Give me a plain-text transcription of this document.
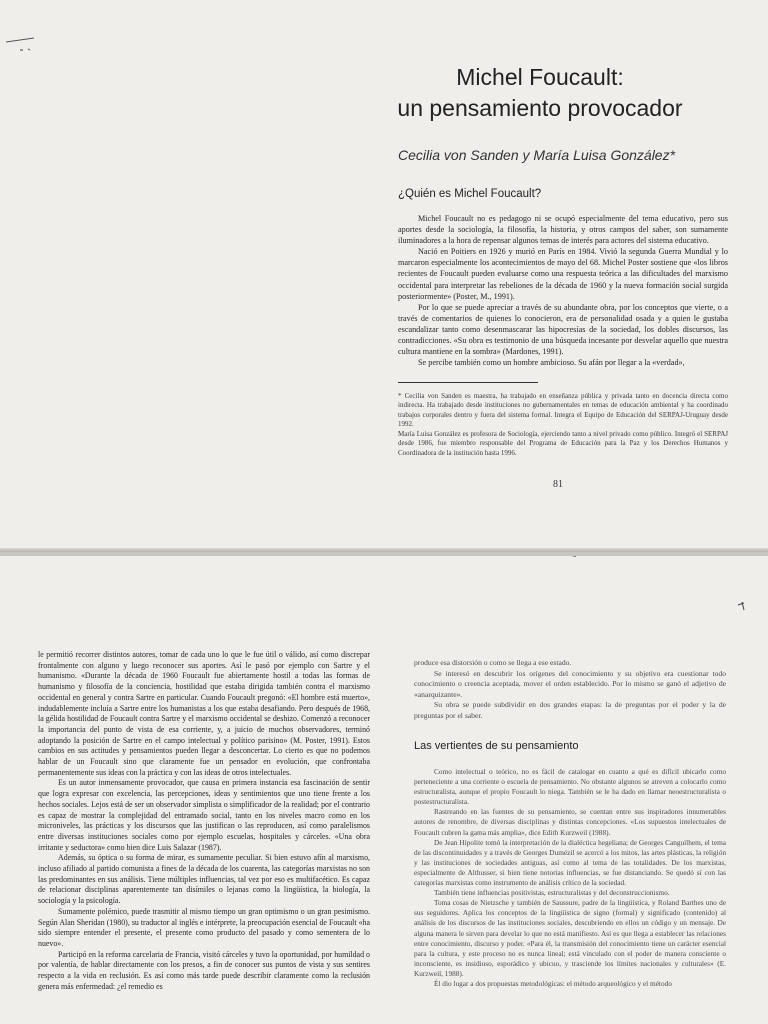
Michel Foucault:
un pensamiento provocador
Cecilia von Sanden y María Luisa González*
¿Quién es Michel Foucault?

Michel Foucault no es pedagogo ni se ocupó especialmente del tema educativo, pero sus aportes desde la sociología, la filosofía, la historia, y otros campos del saber, son sumamente iluminadores a la hora de repensar algunos temas de interés para actores del sistema educativo.

Nació en Poitiers en 1926 y murió en París en 1984. Vivió la segunda Guerra Mundial y lo marcaron especialmente los acontecimientos de mayo del 68. Michel Poster sostiene que «los libros recientes de Foucault pueden evaluarse como una respuesta teórica a las dificultades del marxismo occidental para interpretar las rebeliones de la década de 1960 y la nueva formación social surgida posteriormente» (Poster, M., 1991).

Por lo que se puede apreciar a través de su abundante obra, por los conceptos que vierte, o a través de comentarios de quienes lo conocieron, era de personalidad osada y a quien le gustaba escandalizar tanto como desenmascarar las hipocresías de la sociedad, los dobles discursos, las contradicciones. «Su obra es testimonio de una búsqueda incesante por desvelar aquello que nuestra cultura mantiene en la sombra» (Mardones, 1991).

Se percibe también como un hombre ambicioso. Su afán por llegar a la «verdad»,

* Cecilia von Sanden es maestra, ha trabajado en enseñanza pública y privada tanto en docencia directa como indirecta. Ha trabajado desde instituciones no gubernamentales en temas de educación ambiental y ha coordinado trabajos corporales dentro y fuera del sistema formal. Integra el Equipo de Educación del SERPAJ-Uruguay desde 1992.

María Luisa González es profesora de Sociología, ejerciendo tanto a nivel privado como público. Integró el SERPAJ desde 1986, fue miembro responsable del Programa de Educación para la Paz y los Derechos Humanos y Coordinadora de la institución hasta 1996.

81

le permitió recorrer distintos autores, tomar de cada uno lo que le fue útil o válido, así como discrepar frontalmente con alguno y luego reconocer sus aportes. Así le pasó por ejemplo con Sartre y el humanismo. «Durante la década de 1960 Foucault fue abiertamente hostil a todas las formas de humanismo y filosofía de la conciencia, hostilidad que estaba dirigida también contra el marxismo occidental en general y contra Sartre en particular. Cuando Foucault pregonó: «El hombre está muerto», indudablemente incluía a Sartre entre los humanistas a los que estaba desafiando. Pero después de 1968, la gélida hostilidad de Foucault contra Sartre y el marxismo occidental se deshizo. Comenzó a reconocer la importancia del punto de vista de esa corriente, y, a juicio de muchos observadores, terminó adoptando la posición de Sartre en el campo intelectual y político parisino» (M. Poster, 1991). Estos cambios en sus actitudes y pensamientos pueden llegar a desconcertar. Lo cierto es que no podemos hablar de un Foucault sino que claramente fue un pensador en evolución, que confrontaba permanentemente sus ideas con la práctica y con las ideas de otros intelectuales.

Es un autor inmensamente provocador, que causa en primera instancia esa fascinación de sentir que logra expresar con excelencia, las percepciones, ideas y sentimientos que uno tiene frente a los hechos sociales. Lejos está de ser un observador simplista o simplificador de la realidad; por el contrario es capaz de mostrar la complejidad del entramado social, tanto en los niveles macro como en los microniveles, las prácticas y los discursos que las justifican o las reproducen, así como paralelismos entre diversas instituciones sociales como por ejemplo escuelas, hospitales y cárceles. «Una obra irritante y seductora» como bien dice Luis Salazar (1987).

Además, su óptica o su forma de mirar, es sumamente peculiar. Si bien estuvo afín al marxismo, incluso afiliado al partido comunista a fines de la década de los cuarenta, las categorías marxistas no son las predominantes en sus análisis. Tiene múltiples influencias, tal vez por eso es multifacético. Es capaz de relacionar disciplinas aparentemente tan disímiles o lejanas como la lingüística, la biología, la sociología y la psicología.

Sumamente polémico, puede trasmitir al mismo tiempo un gran optimismo o un gran pesimismo. Según Alan Sheridan (1980), su traductor al inglés e intérprete, la preocupación esencial de Foucault «ha sido siempre entender el presente, el presente como producto del pasado y como sementera de lo nuevo».

Participó en la reforma carcelaria de Francia, visitó cárceles y tuvo la oportunidad, por humildad o por valentía, de hablar directamente con los presos, a fin de conocer sus puntos de vista y sus sentires respecto a la vida en reclusión. Es así como más tarde puede describir claramente como la reclusión genera más enfermedad: ¿el remedio es

produce esa distorsión o como se llega a ese estado.

Se interesó en descubrir los orígenes del conocimiento y su objetivo era cuestionar todo conocimiento o creencia aceptada, mover el orden establecido. Por lo mismo se ganó el adjetivo de «anarquizante».

Su obra se puede subdividir en dos grandes etapas: la de preguntas por el poder y la de preguntas por el saber.

Las vertientes de su pensamiento

Como intelectual o teórico, no es fácil de catalogar en cuanto a qué es difícil ubicarlo como perteneciente a una corriente o escuela de pensamiento. No obstante algunos se atreven a colocarlo como estructuralista, aunque el propio Foucault lo niega. También se le ha dado en llamar neoestructuralista o postestructuralista.

Rastreando en las fuentes de su pensamiento, se cuentan entre sus inspiradores innumerables autores de renombre, de diversas disciplinas y distintas concepciones. «Los supuestos intelectuales de Foucault cubren la gama más amplia», dice Edith Kurzweil (1988).

De Jean Hipolite tomó la interpretación de la dialéctica hegeliana; de Georges Canguilhem, el tema de las discontinuidades y a través de Georges Dumézil se acercó a los mitos, las artes plásticas, la religión y las instituciones de sociedades antiguas, así como al tema de las totalidades. De los marxistas, especialmente de Althusser, si bien tiene notorias influencias, se fue distanciando. Se quedó sí con las categorías marxistas como instrumento de análisis crítico de la sociedad.

También tiene influencias positivistas, estructuralistas y del deconstruccionismo.

Toma cosas de Nietzsche y también de Saussure, padre de la lingüística, y Roland Barthes uno de sus seguidores. Aplica los conceptos de la lingüística de signo (formal) y significado (contenido) al análisis de los discursos de las instituciones sociales, descubriendo en ellos un código y un mensaje. De alguna manera le sirven para develar lo que no está manifiesto. Así es que llega a establecer las relaciones entre conocimiento, discurso y poder. «Para él, la transmisión del conocimiento tiene un carácter esencial para la cultura, y este proceso no es nunca lineal; está vinculado con el poder de manera consciente o inconsciente, es insidioso, esporádico y ubicuo, y trasciende los límites nacionales y culturales» (E. Kurzweil, 1988).

Él dio lugar a dos propuestas metodológicas: el método arqueológico y el método
